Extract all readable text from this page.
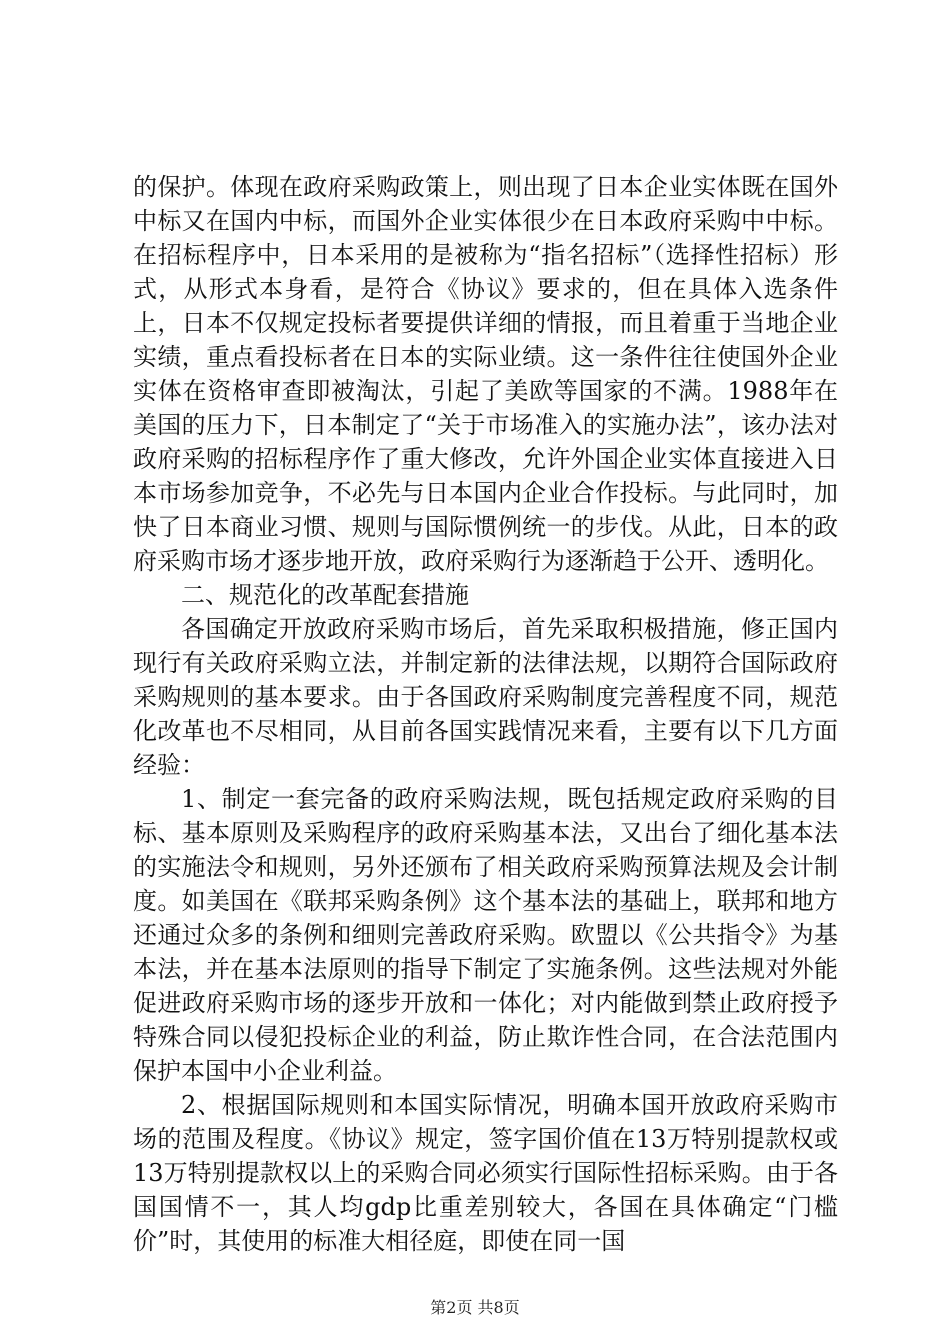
的保护。体现在政府采购政策上，则出现了日本企业实体既在国外中标又在国内中标，而国外企业实体很少在日本政府采购中中标。在招标程序中，日本采用的是被称为“指名招标”（选择性招标）形式，从形式本身看，是符合《协议》要求的，但在具体入选条件上，日本不仅规定投标者要提供详细的情报，而且着重于当地企业实绩，重点看投标者在日本的实际业绩。这一条件往往使国外企业实体在资格审查即被淘汰，引起了美欧等国家的不满。1988年在美国的压力下，日本制定了“关于市场准入的实施办法”，该办法对政府采购的招标程序作了重大修改，允许外国企业实体直接进入日本市场参加竞争，不必先与日本国内企业合作投标。与此同时，加快了日本商业习惯、规则与国际惯例统一的步伐。从此，日本的政府采购市场才逐步地开放，政府采购行为逐渐趋于公开、透明化。

二、规范化的改革配套措施

各国确定开放政府采购市场后，首先采取积极措施，修正国内现行有关政府采购立法，并制定新的法律法规，以期符合国际政府采购规则的基本要求。由于各国政府采购制度完善程度不同，规范化改革也不尽相同，从目前各国实践情况来看，主要有以下几方面经验：

1、制定一套完备的政府采购法规，既包括规定政府采购的目标、基本原则及采购程序的政府采购基本法，又出台了细化基本法的实施法令和规则，另外还颁布了相关政府采购预算法规及会计制度。如美国在《联邦采购条例》这个基本法的基础上，联邦和地方还通过众多的条例和细则完善政府采购。欧盟以《公共指令》为基本法，并在基本法原则的指导下制定了实施条例。这些法规对外能促进政府采购市场的逐步开放和一体化；对内能做到禁止政府授予特殊合同以侵犯投标企业的利益，防止欺诈性合同，在合法范围内保护本国中小企业利益。

2、根据国际规则和本国实际情况，明确本国开放政府采购市场的范围及程度。《协议》规定，签字国价值在13万特别提款权或13万特别提款权以上的采购合同必须实行国际性招标采购。由于各国国情不一，其人均gdp比重差别较大，各国在具体确定“门槛价”时，其使用的标准大相径庭，即使在同一国

第2页 共8页
